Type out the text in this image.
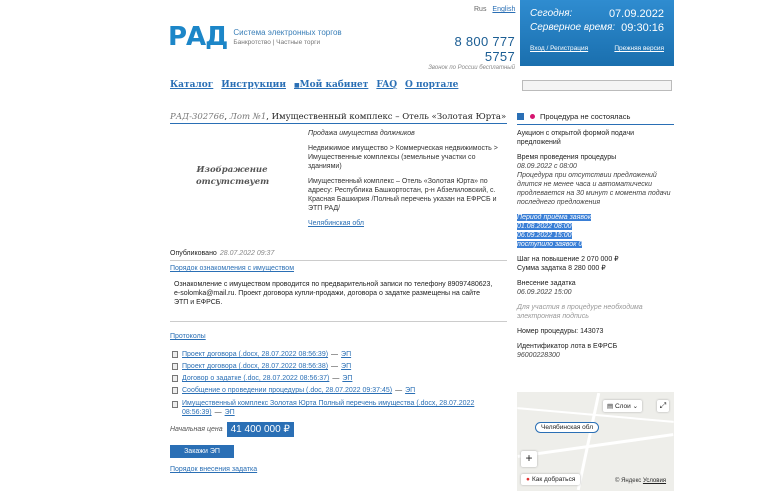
РАД Система электронных торгов
Банкротство | Частные торги
Rus English
8 800 777 5757
Звонок по России бесплатный
Сегодня:	07.09.2022
Серверное время: 09:30:16
Вход / Регистрация	Прежняя версия
Каталог Инструкции ■Мой кабинет FAQ О портале
РАД-302766, Лот №1, Имущественный комплекс – Отель «Золотая Юрта»
Изображение отсутствует

Продажа имущества должников

Недвижимое имущество > Коммерческая недвижимость > Имущественные комплексы (земельные участки со зданиями)

Имущественный комплекс – Отель «Золотая Юрта» по адресу: Республика Башкортостан, р-н Абзелиловский, с. Красная Башкирия /Полный перечень указан на ЕФРСБ и ЭТП РАД/

Челябинская обл

Опубликовано 28.07.2022 09:37
Порядок ознакомления с имуществом
Ознакомление с имуществом проводится по предварительной записи по телефону 89097480623, e-solomka@mail.ru. Проект договора купли-продажи, договора о задатке размещены на сайте ЭТП и ЕФРСБ.
Протоколы
Проект договора (.docx, 28.07.2022 08:56:39) — ЭП
Проект договора (.docx, 28.07.2022 08:56:38) — ЭП
Договор о задатке (.doc, 28.07.2022 08:56:37) — ЭП
Сообщение о проведении процедуры (.doc, 28.07.2022 09:37:45) — ЭП
Имущественный комплекс Золотая Юрта Полный перечень имущества (.docx, 28.07.2022 08:56:39) — ЭП
Начальная цена 41 400 000 ₽
Закажи ЭП
Порядок внесения задатка
Процедура не состоялась
Аукцион с открытой формой подачи предложений
Время проведения процедуры
08.09.2022 с 08:00
Процедура при отсутствии предложений длится не менее часа и автоматически продлевается на 30 минут с момента подачи последнего предложения
Период приёма заявок
01.08.2022 08:00
06.09.2022 15:00
поступило заявок 0
Шаг на повышение 2 070 000 ₽
Сумма задатка 8 280 000 ₽
Внесение задатка
06.09.2022 15:00
Для участия в процедуре необходима электронная подпись
Номер процедуры: 143073
Идентификатор лота в ЕФРСБ
96000228300
Челябинская обл
▤ Слои ⌄	⤢
+
● Как добраться	© Яндекс Условия
